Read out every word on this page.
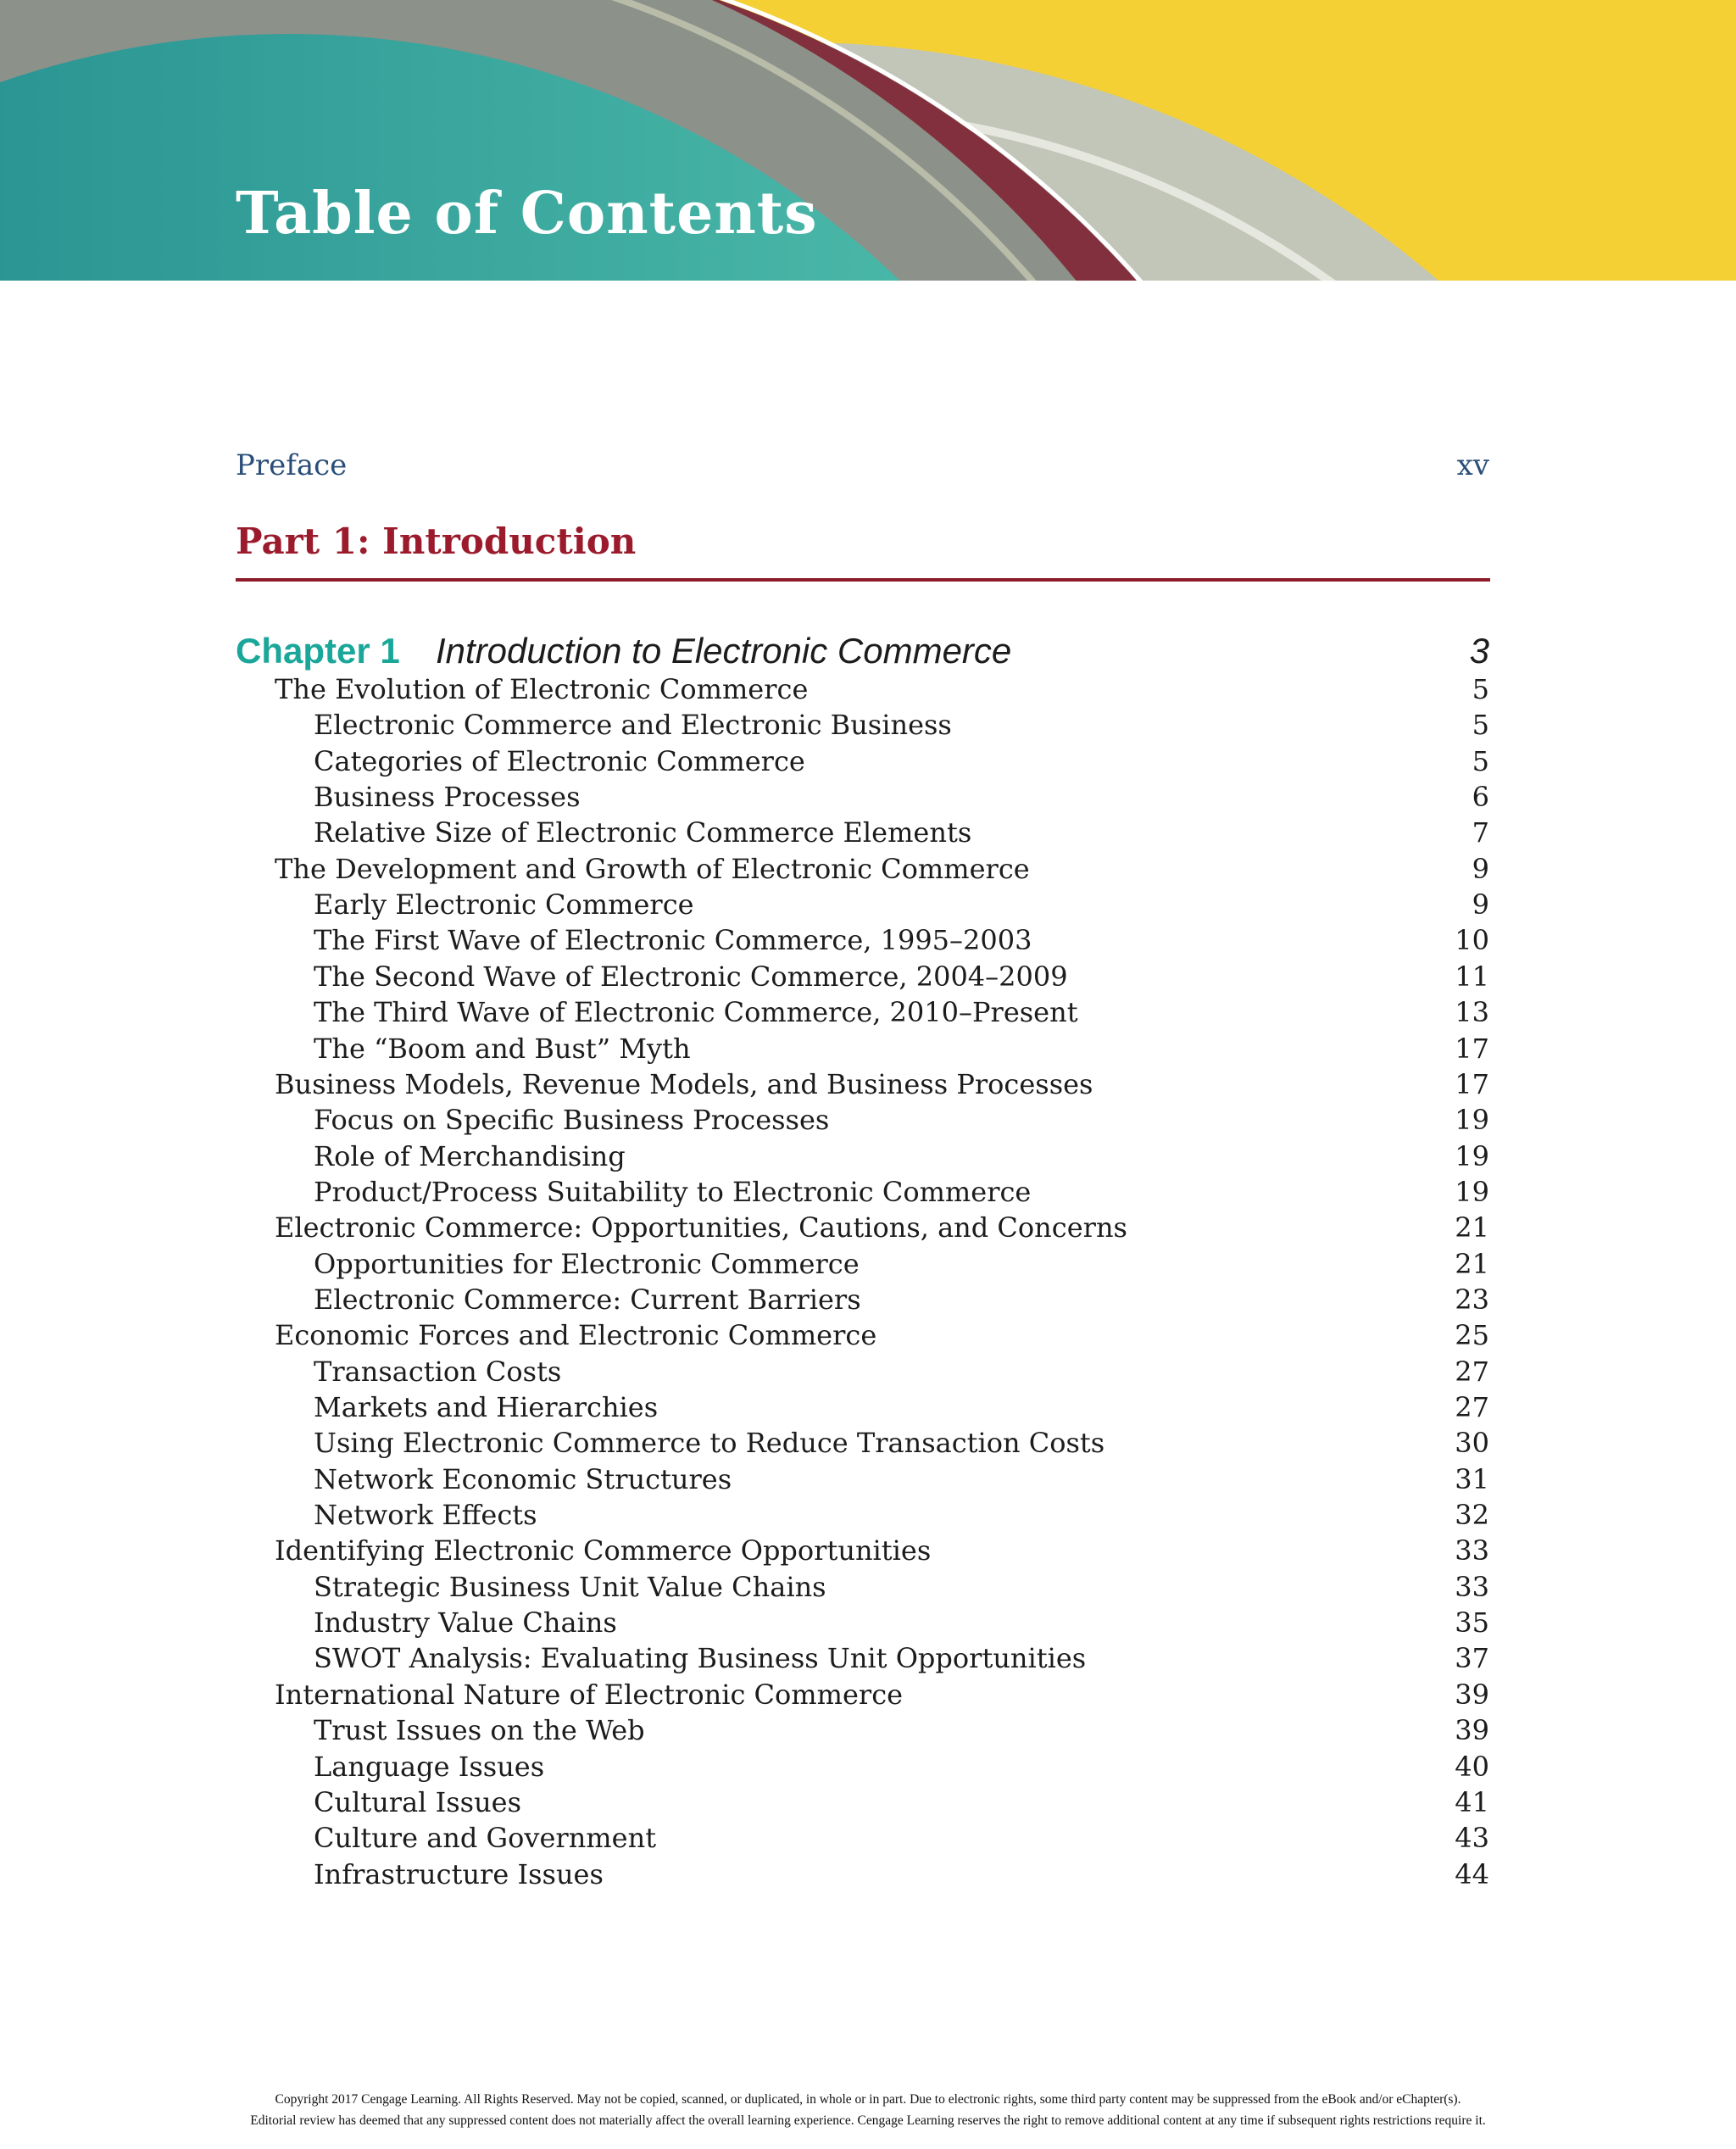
Table of Contents
Preface	xv
Part 1: Introduction
Chapter 1 Introduction to Electronic Commerce	3
The Evolution of Electronic Commerce	5
Electronic Commerce and Electronic Business	5
Categories of Electronic Commerce	5
Business Processes	6
Relative Size of Electronic Commerce Elements	7
The Development and Growth of Electronic Commerce	9
Early Electronic Commerce	9
The First Wave of Electronic Commerce, 1995–2003	10
The Second Wave of Electronic Commerce, 2004–2009	11
The Third Wave of Electronic Commerce, 2010–Present	13
The “Boom and Bust” Myth	17
Business Models, Revenue Models, and Business Processes	17
Focus on Specific Business Processes	19
Role of Merchandising	19
Product/Process Suitability to Electronic Commerce	19
Electronic Commerce: Opportunities, Cautions, and Concerns	21
Opportunities for Electronic Commerce	21
Electronic Commerce: Current Barriers	23
Economic Forces and Electronic Commerce	25
Transaction Costs	27
Markets and Hierarchies	27
Using Electronic Commerce to Reduce Transaction Costs	30
Network Economic Structures	31
Network Effects	32
Identifying Electronic Commerce Opportunities	33
Strategic Business Unit Value Chains	33
Industry Value Chains	35
SWOT Analysis: Evaluating Business Unit Opportunities	37
International Nature of Electronic Commerce	39
Trust Issues on the Web	39
Language Issues	40
Cultural Issues	41
Culture and Government	43
Infrastructure Issues	44
Copyright 2017 Cengage Learning. All Rights Reserved. May not be copied, scanned, or duplicated, in whole or in part. Due to electronic rights, some third party content may be suppressed from the eBook and/or eChapter(s).
Editorial review has deemed that any suppressed content does not materially affect the overall learning experience. Cengage Learning reserves the right to remove additional content at any time if subsequent rights restrictions require it.
